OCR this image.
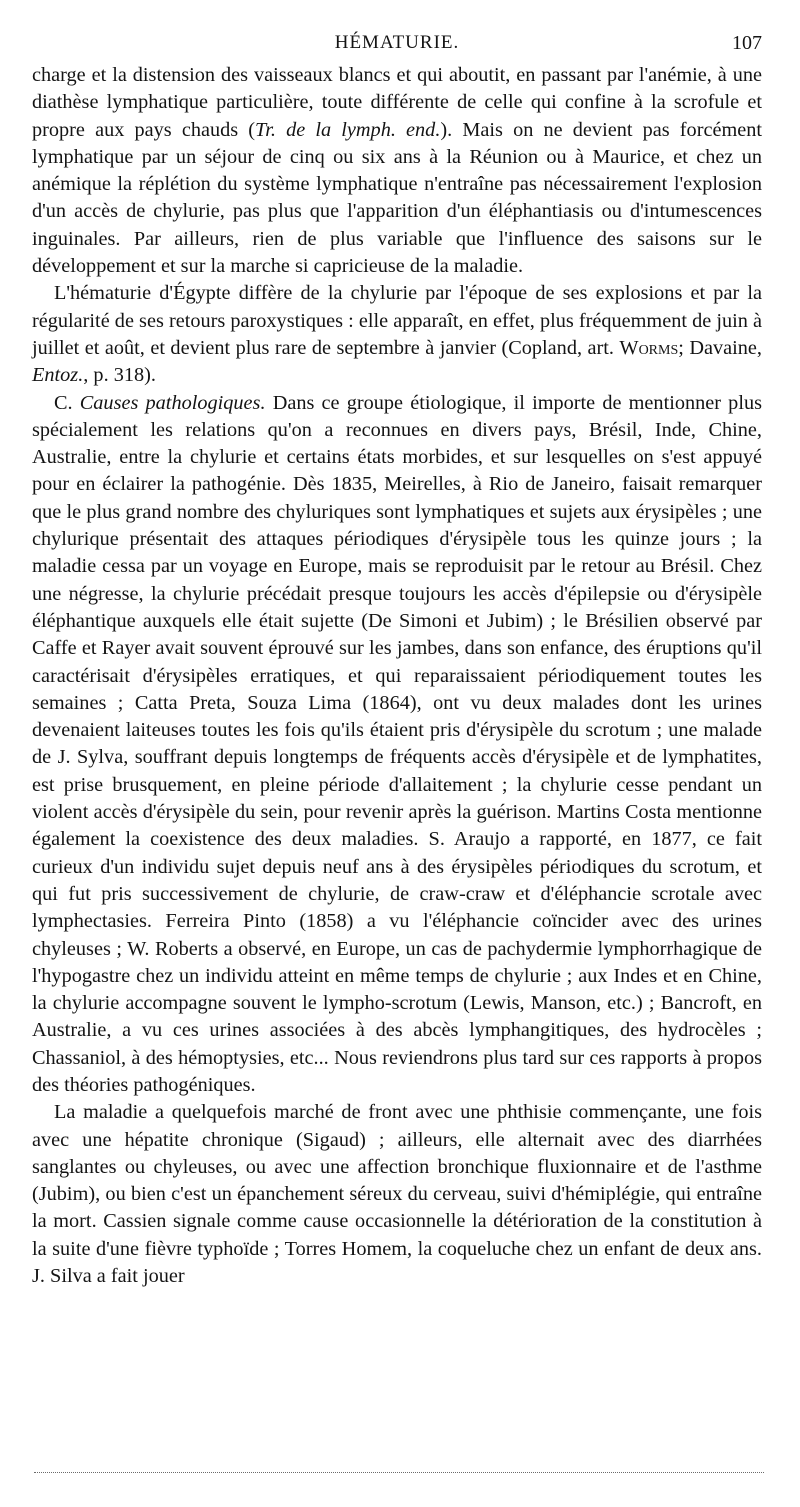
HÉMATURIE.	107

charge et la distension des vaisseaux blancs et qui aboutit, en passant par l'anémie, à une diathèse lymphatique particulière, toute différente de celle qui confine à la scrofule et propre aux pays chauds (Tr. de la lymph. end.). Mais on ne devient pas forcément lymphatique par un séjour de cinq ou six ans à la Réunion ou à Maurice, et chez un anémique la réplétion du système lymphatique n'entraîne pas nécessairement l'explosion d'un accès de chylurie, pas plus que l'apparition d'un éléphantiasis ou d'intumescences inguinales. Par ailleurs, rien de plus variable que l'influence des saisons sur le développement et sur la marche si capricieuse de la maladie.

L'hématurie d'Égypte diffère de la chylurie par l'époque de ses explosions et par la régularité de ses retours paroxystiques : elle apparaît, en effet, plus fréquemment de juin à juillet et août, et devient plus rare de septembre à janvier (Copland, art. Worms; Davaine, Entoz., p. 318).

C. Causes pathologiques. Dans ce groupe étiologique, il importe de mentionner plus spécialement les relations qu'on a reconnues en divers pays, Brésil, Inde, Chine, Australie, entre la chylurie et certains états morbides, et sur lesquelles on s'est appuyé pour en éclairer la pathogénie. Dès 1835, Meirelles, à Rio de Janeiro, faisait remarquer que le plus grand nombre des chyluriques sont lymphatiques et sujets aux érysipèles ; une chylurique présentait des attaques périodiques d'érysipèle tous les quinze jours ; la maladie cessa par un voyage en Europe, mais se reproduisit par le retour au Brésil. Chez une négresse, la chylurie précédait presque toujours les accès d'épilepsie ou d'érysipèle éléphantique auxquels elle était sujette (De Simoni et Jubim) ; le Brésilien observé par Caffe et Rayer avait souvent éprouvé sur les jambes, dans son enfance, des éruptions qu'il caractérisait d'érysipèles erratiques, et qui reparaissaient périodiquement toutes les semaines ; Catta Preta, Souza Lima (1864), ont vu deux malades dont les urines devenaient laiteuses toutes les fois qu'ils étaient pris d'érysipèle du scrotum ; une malade de J. Sylva, souffrant depuis longtemps de fréquents accès d'érysipèle et de lymphatites, est prise brusquement, en pleine période d'allaitement ; la chylurie cesse pendant un violent accès d'érysipèle du sein, pour revenir après la guérison. Martins Costa mentionne également la coexistence des deux maladies. S. Araujo a rapporté, en 1877, ce fait curieux d'un individu sujet depuis neuf ans à des érysipèles périodiques du scrotum, et qui fut pris successivement de chylurie, de craw-craw et d'éléphancie scrotale avec lymphectasies. Ferreira Pinto (1858) a vu l'éléphancie coïncider avec des urines chyleuses ; W. Roberts a observé, en Europe, un cas de pachydermie lymphorrhagique de l'hypogastre chez un individu atteint en même temps de chylurie ; aux Indes et en Chine, la chylurie accompagne souvent le lympho-scrotum (Lewis, Manson, etc.) ; Bancroft, en Australie, a vu ces urines associées à des abcès lymphangitiques, des hydrocèles ; Chassaniol, à des hémoptysies, etc... Nous reviendrons plus tard sur ces rapports à propos des théories pathogéniques.

La maladie a quelquefois marché de front avec une phthisie commençante, une fois avec une hépatite chronique (Sigaud) ; ailleurs, elle alternait avec des diarrhées sanglantes ou chyleuses, ou avec une affection bronchique fluxionnaire et de l'asthme (Jubim), ou bien c'est un épanchement séreux du cerveau, suivi d'hémiplégie, qui entraîne la mort. Cassien signale comme cause occasionnelle la détérioration de la constitution à la suite d'une fièvre typhoïde ; Torres Homem, la coqueluche chez un enfant de deux ans. J. Silva a fait jouer
